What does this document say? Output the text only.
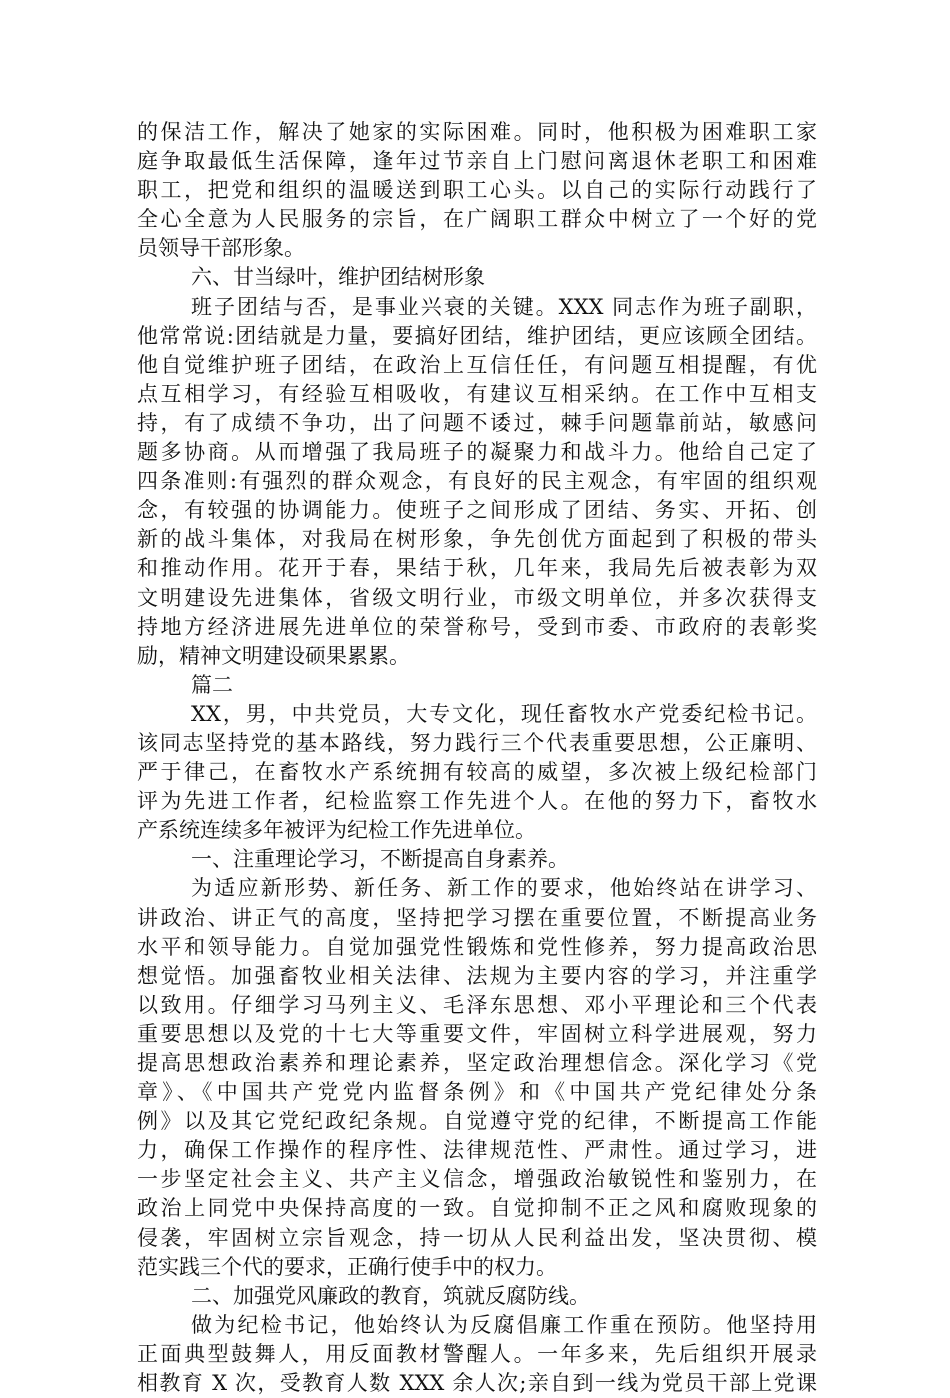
的保洁工作，解决了她家的实际困难。同时，他积极为困难职工家
庭争取最低生活保障，逢年过节亲自上门慰问离退休老职工和困难
职工，把党和组织的温暖送到职工心头。以自己的实际行动践行了
全心全意为人民服务的宗旨，在广阔职工群众中树立了一个好的党
员领导干部形象。
六、甘当绿叶，维护团结树形象
班子团结与否，是事业兴衰的关键。XXX 同志作为班子副职，
他常常说:团结就是力量，要搞好团结，维护团结，更应该顾全团结。
他自觉维护班子团结，在政治上互信任任，有问题互相提醒，有优
点互相学习，有经验互相吸收，有建议互相采纳。在工作中互相支
持，有了成绩不争功，出了问题不诿过，棘手问题靠前站，敏感问
题多协商。从而增强了我局班子的凝聚力和战斗力。他给自己定了
四条准则:有强烈的群众观念，有良好的民主观念，有牢固的组织观
念，有较强的协调能力。使班子之间形成了团结、务实、开拓、创
新的战斗集体，对我局在树形象，争先创优方面起到了积极的带头
和推动作用。花开于春，果结于秋，几年来，我局先后被表彰为双
文明建设先进集体，省级文明行业，市级文明单位，并多次获得支
持地方经济进展先进单位的荣誉称号，受到市委、市政府的表彰奖
励，精神文明建设硕果累累。
篇二
XX，男，中共党员，大专文化，现任畜牧水产党委纪检书记。
该同志坚持党的基本路线，努力践行三个代表重要思想，公正廉明、
严于律己，在畜牧水产系统拥有较高的威望，多次被上级纪检部门
评为先进工作者，纪检监察工作先进个人。在他的努力下，畜牧水
产系统连续多年被评为纪检工作先进单位。
一、注重理论学习，不断提高自身素养。
为适应新形势、新任务、新工作的要求，他始终站在讲学习、
讲政治、讲正气的高度，坚持把学习摆在重要位置，不断提高业务
水平和领导能力。自觉加强党性锻炼和党性修养，努力提高政治思
想觉悟。加强畜牧业相关法律、法规为主要内容的学习，并注重学
以致用。仔细学习马列主义、毛泽东思想、邓小平理论和三个代表
重要思想以及党的十七大等重要文件，牢固树立科学进展观，努力
提高思想政治素养和理论素养，坚定政治理想信念。深化学习《党
章》、《中国共产党党内监督条例》和《中国共产党纪律处分条
例》以及其它党纪政纪条规。自觉遵守党的纪律，不断提高工作能
力，确保工作操作的程序性、法律规范性、严肃性。通过学习，进
一步坚定社会主义、共产主义信念，增强政治敏锐性和鉴别力，在
政治上同党中央保持高度的一致。自觉抑制不正之风和腐败现象的
侵袭，牢固树立宗旨观念，持一切从人民利益出发，坚决贯彻、模
范实践三个代的要求，正确行使手中的权力。
二、加强党风廉政的教育，筑就反腐防线。
做为纪检书记，他始终认为反腐倡廉工作重在预防。他坚持用
正面典型鼓舞人，用反面教材警醒人。一年多来，先后组织开展录
相教育 X 次，受教育人数 XXX 余人次;亲自到一线为党员干部上党课
